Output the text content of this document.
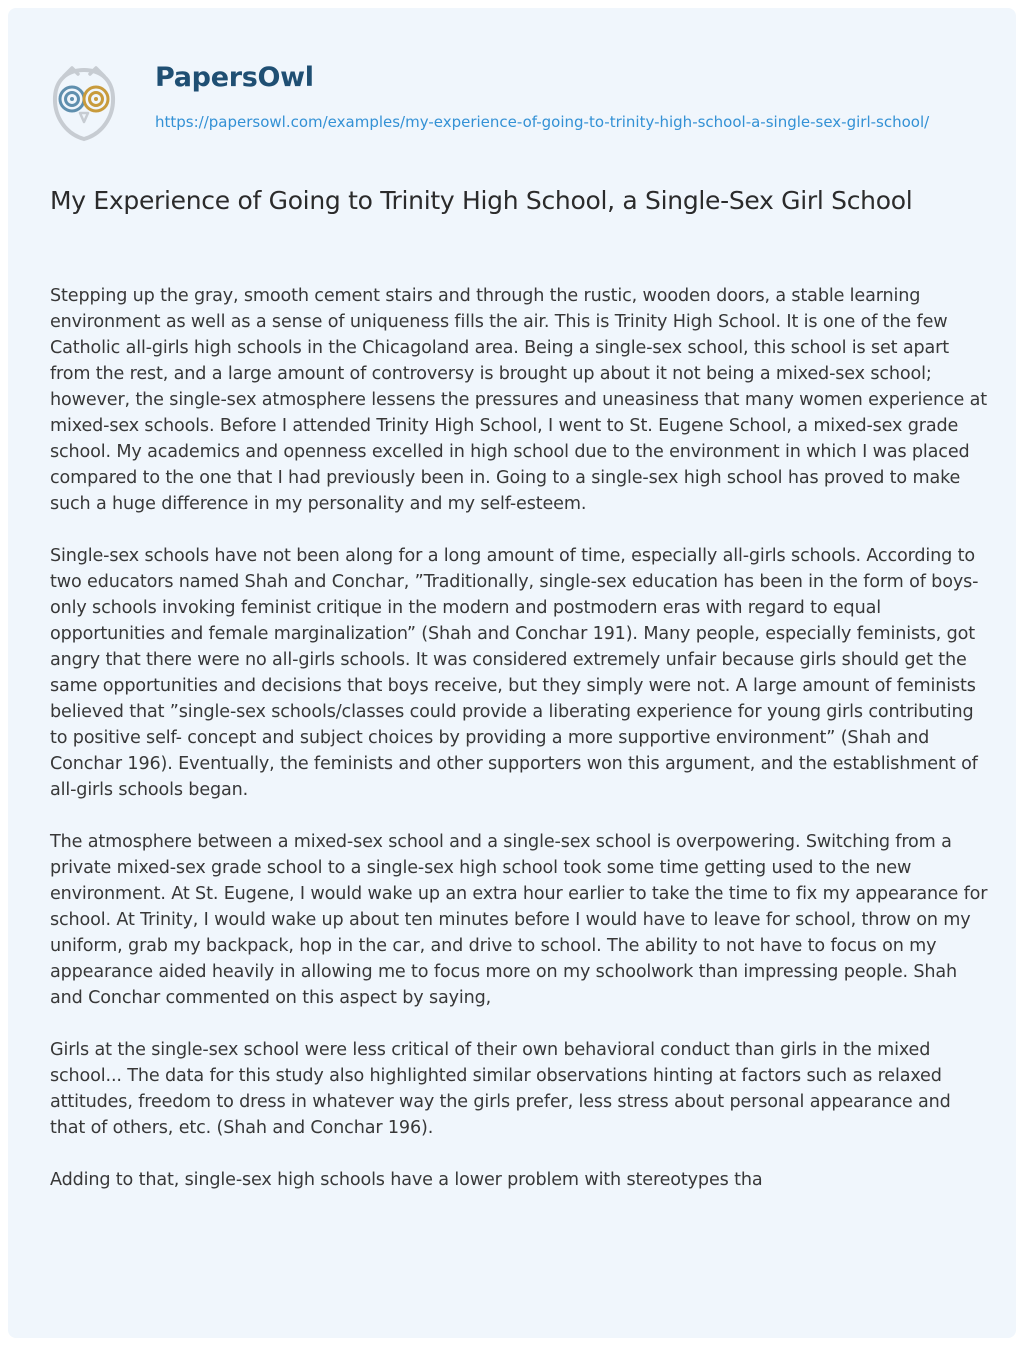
PapersOwl
https://papersowl.com/examples/my-experience-of-going-to-trinity-high-school-a-single-sex-girl-school/
My Experience of Going to Trinity High School, a Single-Sex Girl School

Stepping up the gray, smooth cement stairs and through the rustic, wooden doors, a stable learning environment as well as a sense of uniqueness fills the air. This is Trinity High School. It is one of the few Catholic all-girls high schools in the Chicagoland area. Being a single-sex school, this school is set apart from the rest, and a large amount of controversy is brought up about it not being a mixed-sex school; however, the single-sex atmosphere lessens the pressures and uneasiness that many women experience at mixed-sex schools. Before I attended Trinity High School, I went to St. Eugene School, a mixed-sex grade school. My academics and openness excelled in high school due to the environment in which I was placed compared to the one that I had previously been in. Going to a single-sex high school has proved to make such a huge difference in my personality and my self-esteem.

Single-sex schools have not been along for a long amount of time, especially all-girls schools. According to two educators named Shah and Conchar, ”Traditionally, single-sex education has been in the form of boys-only schools invoking feminist critique in the modern and postmodern eras with regard to equal opportunities and female marginalization” (Shah and Conchar 191). Many people, especially feminists, got angry that there were no all-girls schools. It was considered extremely unfair because girls should get the same opportunities and decisions that boys receive, but they simply were not. A large amount of feminists believed that ”single-sex schools/classes could provide a liberating experience for young girls contributing to positive self- concept and subject choices by providing a more supportive environment” (Shah and Conchar 196). Eventually, the feminists and other supporters won this argument, and the establishment of all-girls schools began.

The atmosphere between a mixed-sex school and a single-sex school is overpowering. Switching from a private mixed-sex grade school to a single-sex high school took some time getting used to the new environment. At St. Eugene, I would wake up an extra hour earlier to take the time to fix my appearance for school. At Trinity, I would wake up about ten minutes before I would have to leave for school, throw on my uniform, grab my backpack, hop in the car, and drive to school. The ability to not have to focus on my appearance aided heavily in allowing me to focus more on my schoolwork than impressing people. Shah and Conchar commented on this aspect by saying,

Girls at the single-sex school were less critical of their own behavioral conduct than girls in the mixed school... The data for this study also highlighted similar observations hinting at factors such as relaxed attitudes, freedom to dress in whatever way the girls prefer, less stress about personal appearance and that of others, etc. (Shah and Conchar 196).

Adding to that, single-sex high schools have a lower problem with stereotypes tha
